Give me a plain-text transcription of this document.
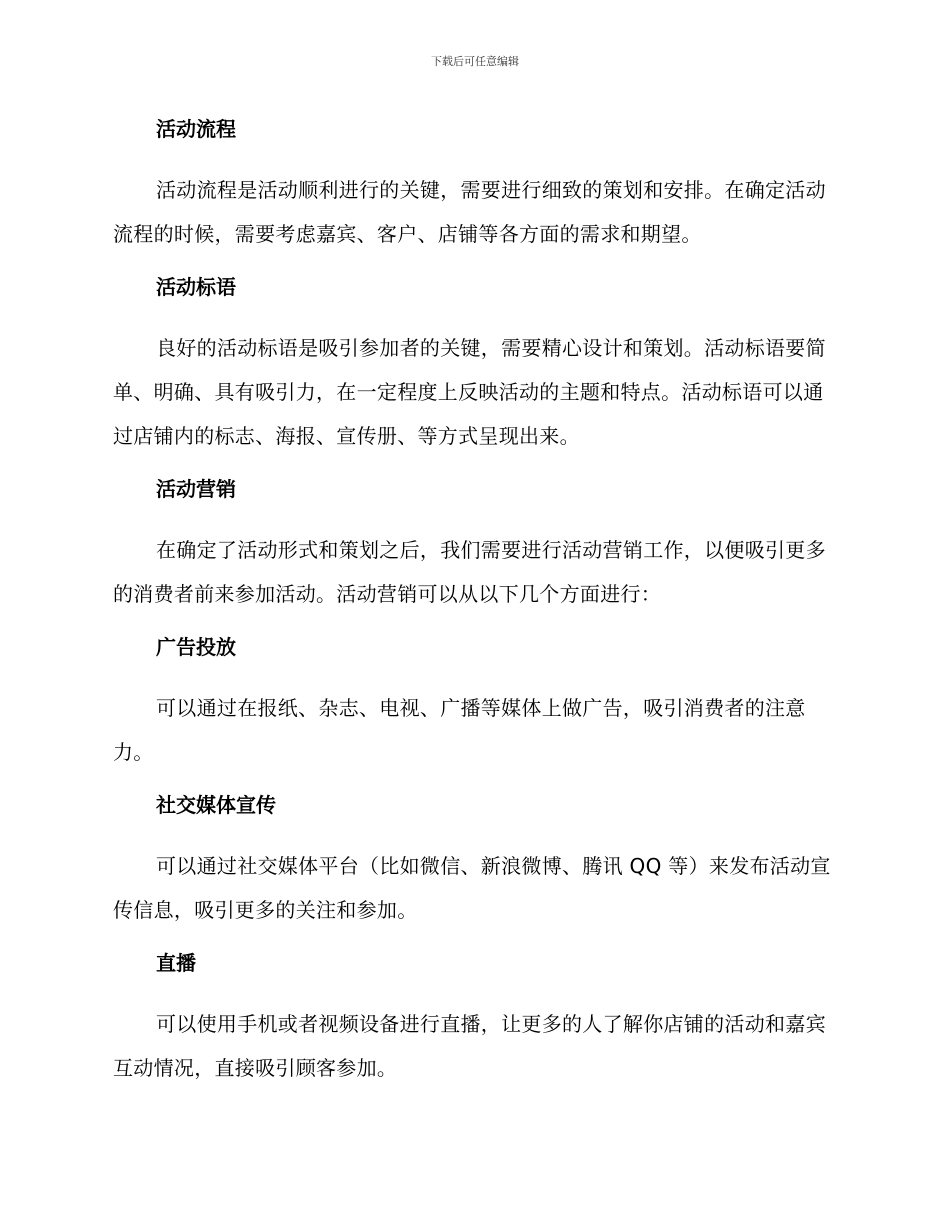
下载后可任意编辑
活动流程

活动流程是活动顺利进行的关键，需要进行细致的策划和安排。在确定活动流程的时候，需要考虑嘉宾、客户、店铺等各方面的需求和期望。

活动标语

良好的活动标语是吸引参加者的关键，需要精心设计和策划。活动标语要简单、明确、具有吸引力，在一定程度上反映活动的主题和特点。活动标语可以通过店铺内的标志、海报、宣传册、等方式呈现出来。

活动营销

在确定了活动形式和策划之后，我们需要进行活动营销工作，以便吸引更多的消费者前来参加活动。活动营销可以从以下几个方面进行：

广告投放

可以通过在报纸、杂志、电视、广播等媒体上做广告，吸引消费者的注意力。

社交媒体宣传

可以通过社交媒体平台（比如微信、新浪微博、腾讯 QQ 等）来发布活动宣传信息，吸引更多的关注和参加。

直播

可以使用手机或者视频设备进行直播，让更多的人了解你店铺的活动和嘉宾互动情况，直接吸引顾客参加。
